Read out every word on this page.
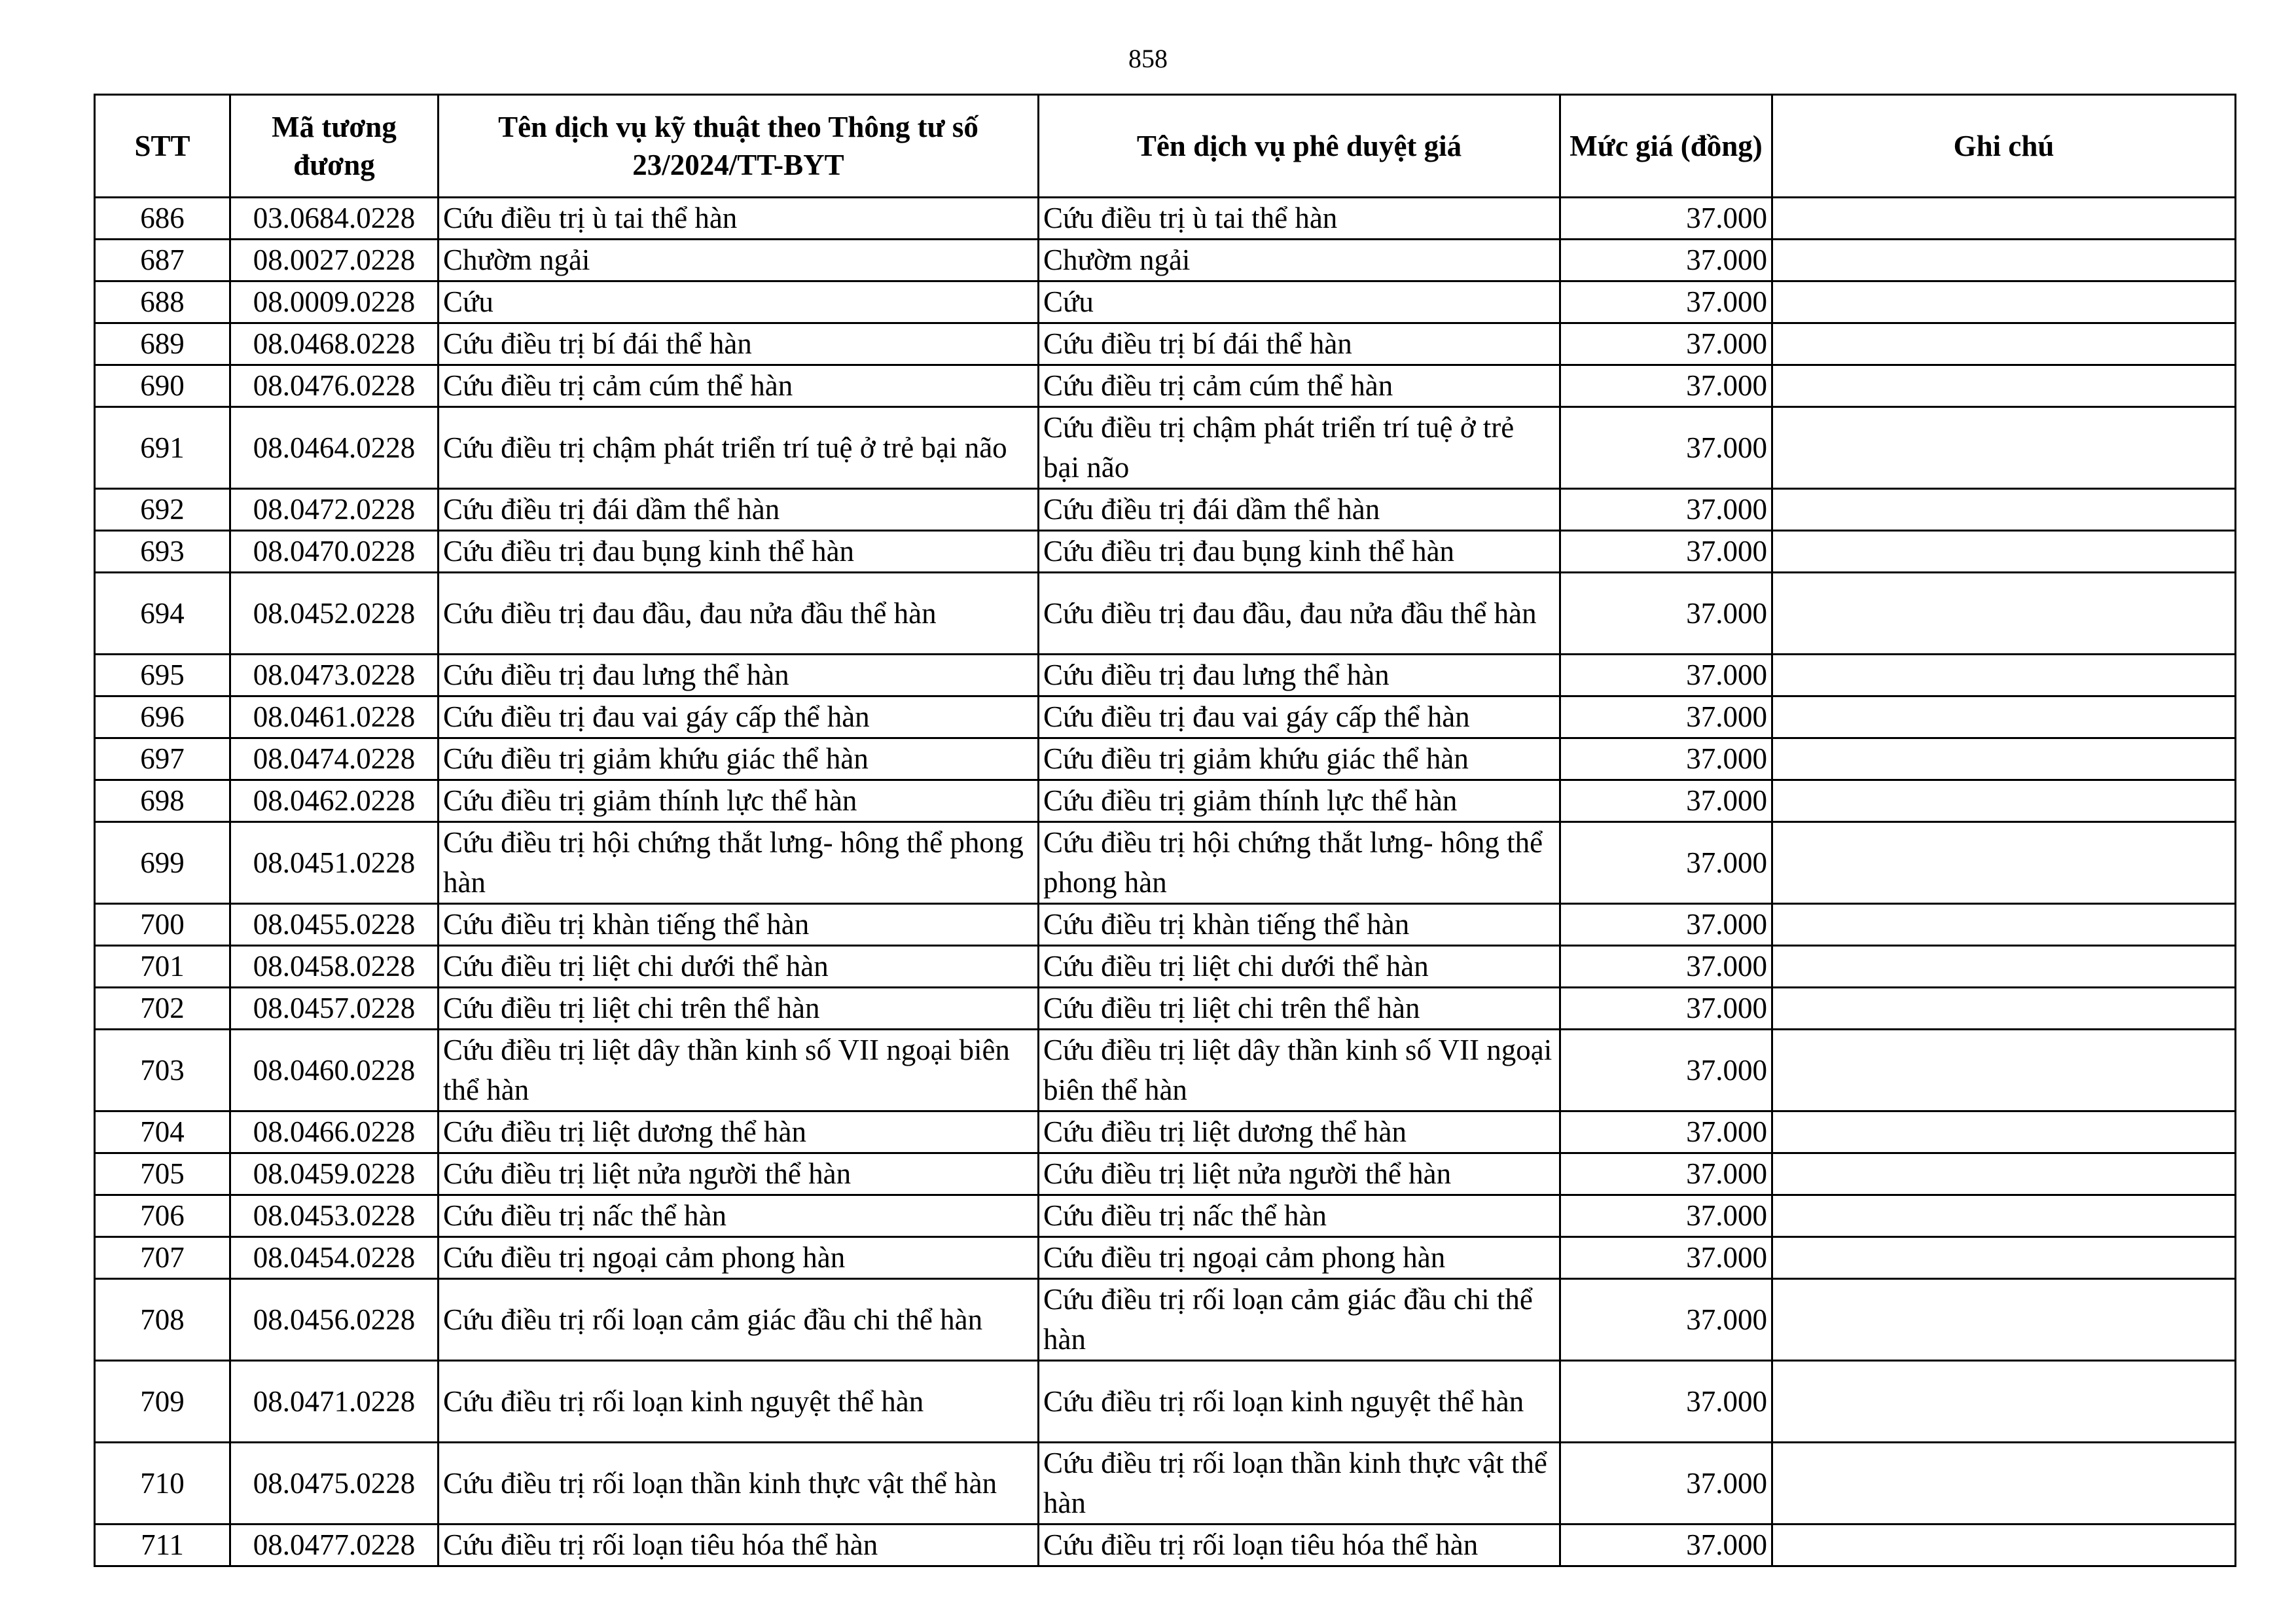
858
STT	Mã tương đương	Tên dịch vụ kỹ thuật theo Thông tư số 23/2024/TT-BYT	Tên dịch vụ phê duyệt giá	Mức giá (đồng)	Ghi chú
686	03.0684.0228	Cứu điều trị ù tai thể hàn	Cứu điều trị ù tai thể hàn	37.000	
687	08.0027.0228	Chườm ngải	Chườm ngải	37.000	
688	08.0009.0228	Cứu	Cứu	37.000	
689	08.0468.0228	Cứu điều trị bí đái thể hàn	Cứu điều trị bí đái thể hàn	37.000	
690	08.0476.0228	Cứu điều trị cảm cúm thể hàn	Cứu điều trị cảm cúm thể hàn	37.000	
691	08.0464.0228	Cứu điều trị chậm phát triển trí tuệ ở trẻ bại não	Cứu điều trị chậm phát triển trí tuệ ở trẻ bại não	37.000	
692	08.0472.0228	Cứu điều trị đái dầm thể hàn	Cứu điều trị đái dầm thể hàn	37.000	
693	08.0470.0228	Cứu điều trị đau bụng kinh thể hàn	Cứu điều trị đau bụng kinh thể hàn	37.000	
694	08.0452.0228	Cứu điều trị đau đầu, đau nửa đầu thể hàn	Cứu điều trị đau đầu, đau nửa đầu thể hàn	37.000	
695	08.0473.0228	Cứu điều trị đau lưng thể hàn	Cứu điều trị đau lưng thể hàn	37.000	
696	08.0461.0228	Cứu điều trị đau vai gáy cấp thể hàn	Cứu điều trị đau vai gáy cấp thể hàn	37.000	
697	08.0474.0228	Cứu điều trị giảm khứu giác thể hàn	Cứu điều trị giảm khứu giác thể hàn	37.000	
698	08.0462.0228	Cứu điều trị giảm thính lực thể hàn	Cứu điều trị giảm thính lực thể hàn	37.000	
699	08.0451.0228	Cứu điều trị hội chứng thắt lưng- hông thể phong hàn	Cứu điều trị hội chứng thắt lưng- hông thể phong hàn	37.000	
700	08.0455.0228	Cứu điều trị khàn tiếng thể hàn	Cứu điều trị khàn tiếng thể hàn	37.000	
701	08.0458.0228	Cứu điều trị liệt chi dưới thể hàn	Cứu điều trị liệt chi dưới thể hàn	37.000	
702	08.0457.0228	Cứu điều trị liệt chi trên thể hàn	Cứu điều trị liệt chi trên thể hàn	37.000	
703	08.0460.0228	Cứu điều trị liệt dây thần kinh số VII ngoại biên thể hàn	Cứu điều trị liệt dây thần kinh số VII ngoại biên thể hàn	37.000	
704	08.0466.0228	Cứu điều trị liệt dương thể hàn	Cứu điều trị liệt dương thể hàn	37.000	
705	08.0459.0228	Cứu điều trị liệt nửa người thể hàn	Cứu điều trị liệt nửa người thể hàn	37.000	
706	08.0453.0228	Cứu điều trị nấc thể hàn	Cứu điều trị nấc thể hàn	37.000	
707	08.0454.0228	Cứu điều trị ngoại cảm phong hàn	Cứu điều trị ngoại cảm phong hàn	37.000	
708	08.0456.0228	Cứu điều trị rối loạn cảm giác đầu chi thể hàn	Cứu điều trị rối loạn cảm giác đầu chi thể hàn	37.000	
709	08.0471.0228	Cứu điều trị rối loạn kinh nguyệt thể hàn	Cứu điều trị rối loạn kinh nguyệt thể hàn	37.000	
710	08.0475.0228	Cứu điều trị rối loạn thần kinh thực vật thể hàn	Cứu điều trị rối loạn thần kinh thực vật thể hàn	37.000	
711	08.0477.0228	Cứu điều trị rối loạn tiêu hóa thể hàn	Cứu điều trị rối loạn tiêu hóa thể hàn	37.000	
